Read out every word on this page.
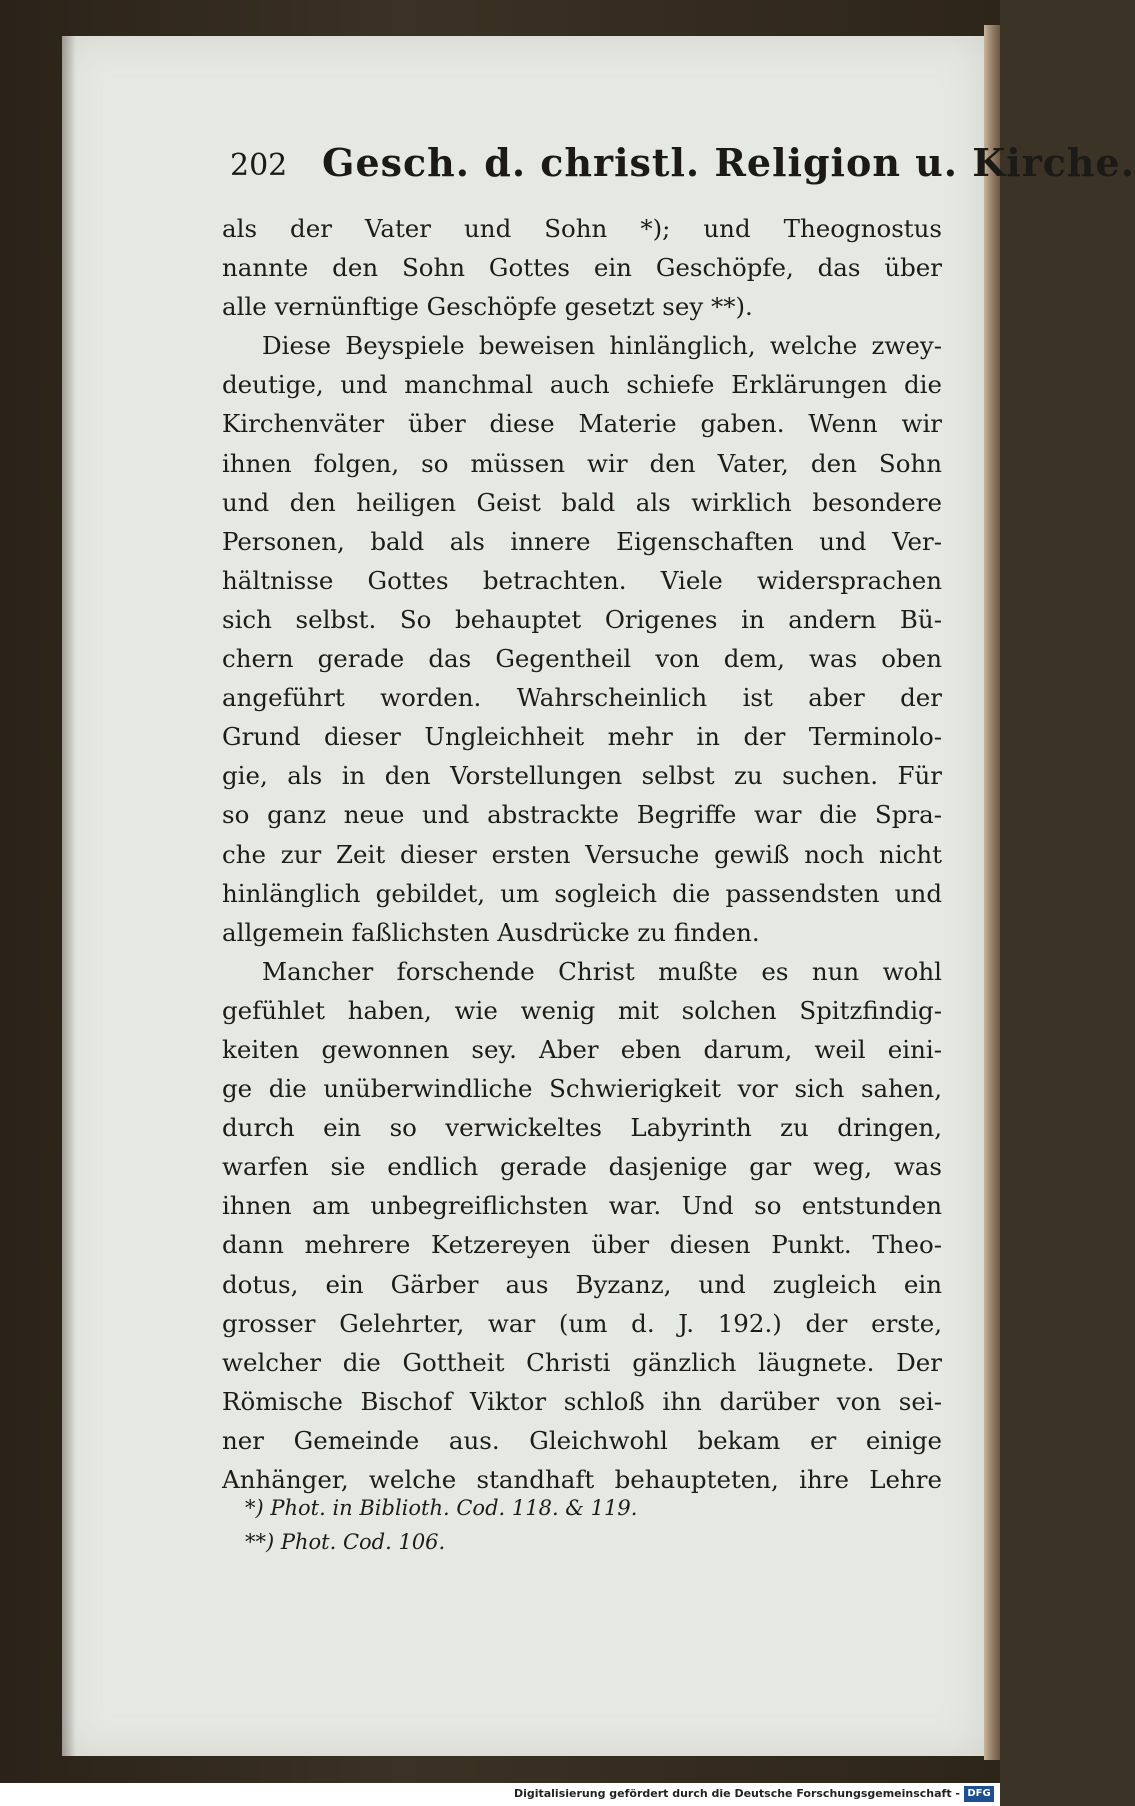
202 Gesch. d. christl. Religion u. Kirche.
als der Vater und Sohn *); und Theognostus
nannte den Sohn Gottes ein Geschöpfe, das über
alle vernünftige Geschöpfe gesetzt sey **).
Diese Beyspiele beweisen hinlänglich, welche zwey-
deutige, und manchmal auch schiefe Erklärungen die
Kirchenväter über diese Materie gaben. Wenn wir
ihnen folgen, so müssen wir den Vater, den Sohn
und den heiligen Geist bald als wirklich besondere
Personen, bald als innere Eigenschaften und Ver-
hältnisse Gottes betrachten. Viele widersprachen
sich selbst. So behauptet Origenes in andern Bü-
chern gerade das Gegentheil von dem, was oben
angeführt worden. Wahrscheinlich ist aber der
Grund dieser Ungleichheit mehr in der Terminolo-
gie, als in den Vorstellungen selbst zu suchen. Für
so ganz neue und abstrackte Begriffe war die Spra-
che zur Zeit dieser ersten Versuche gewiß noch nicht
hinlänglich gebildet, um sogleich die passendsten und
allgemein faßlichsten Ausdrücke zu finden.
Mancher forschende Christ mußte es nun wohl
gefühlet haben, wie wenig mit solchen Spitzfindig-
keiten gewonnen sey. Aber eben darum, weil eini-
ge die unüberwindliche Schwierigkeit vor sich sahen,
durch ein so verwickeltes Labyrinth zu dringen,
warfen sie endlich gerade dasjenige gar weg, was
ihnen am unbegreiflichsten war. Und so entstunden
dann mehrere Ketzereyen über diesen Punkt. Theo-
dotus, ein Gärber aus Byzanz, und zugleich ein
grosser Gelehrter, war (um d. J. 192.) der erste,
welcher die Gottheit Christi gänzlich läugnete. Der
Römische Bischof Viktor schloß ihn darüber von sei-
ner Gemeinde aus. Gleichwohl bekam er einige
Anhänger, welche standhaft behaupteten, ihre Lehre
*) Phot. in Biblioth. Cod. 118. & 119.
**) Phot. Cod. 106.
Digitalisierung gefördert durch die Deutsche Forschungsgemeinschaft - DFG
